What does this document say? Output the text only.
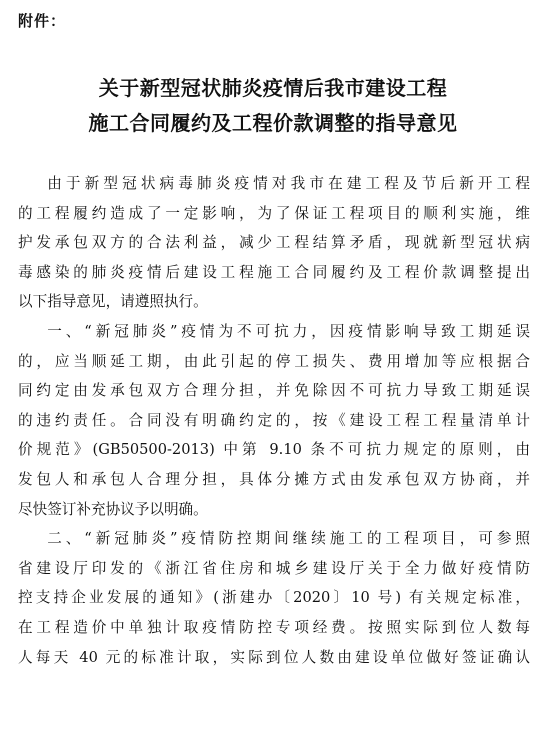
附件：
关于新型冠状肺炎疫情后我市建设工程
施工合同履约及工程价款调整的指导意见
由于新型冠状病毒肺炎疫情对我市在建工程及节后新开工程
的工程履约造成了一定影响，为了保证工程项目的顺利实施，维
护发承包双方的合法利益，减少工程结算矛盾，现就新型冠状病
毒感染的肺炎疫情后建设工程施工合同履约及工程价款调整提出
以下指导意见，请遵照执行。
一、“新冠肺炎”疫情为不可抗力，因疫情影响导致工期延误
的，应当顺延工期，由此引起的停工损失、费用增加等应根据合
同约定由发承包双方合理分担，并免除因不可抗力导致工期延误
的违约责任。合同没有明确约定的，按《建设工程工程量清单计
价规范》(GB50500-2013) 中第 9.10 条不可抗力规定的原则，由
发包人和承包人合理分担，具体分摊方式由发承包双方协商，并
尽快签订补充协议予以明确。
二、“新冠肺炎”疫情防控期间继续施工的工程项目，可参照
省建设厅印发的《浙江省住房和城乡建设厅关于全力做好疫情防
控支持企业发展的通知》(浙建办〔2020〕10 号) 有关规定标准，
在工程造价中单独计取疫情防控专项经费。按照实际到位人数每
人每天 40 元的标准计取，实际到位人数由建设单位做好签证确认
